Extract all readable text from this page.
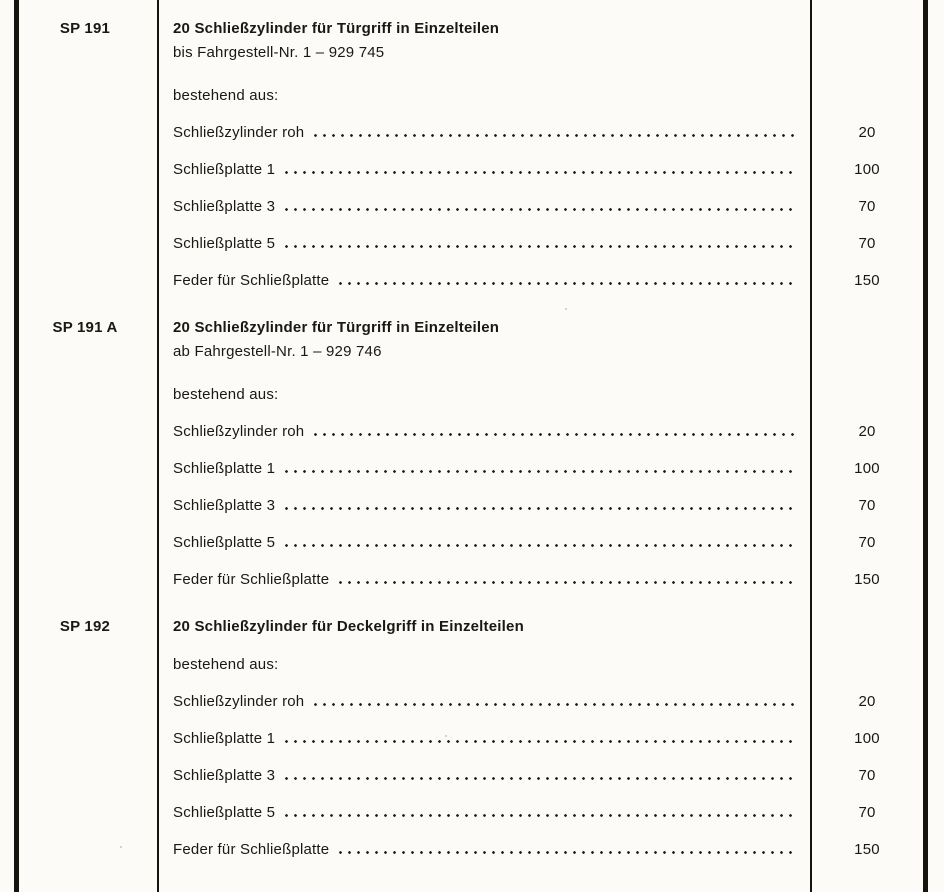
SP 191	20 Schließzylinder für Türgriff in Einzelteilen
bis Fahrgestell-Nr. 1 – 929 745
bestehend aus:
Schließzylinder roh	20
Schließplatte 1	100
Schließplatte 3	70
Schließplatte 5	70
Feder für Schließplatte	150
SP 191 A	20 Schließzylinder für Türgriff in Einzelteilen
ab Fahrgestell-Nr. 1 – 929 746
bestehend aus:
Schließzylinder roh	20
Schließplatte 1	100
Schließplatte 3	70
Schließplatte 5	70
Feder für Schließplatte	150
SP 192	20 Schließzylinder für Deckelgriff in Einzelteilen
bestehend aus:
Schließzylinder roh	20
Schließplatte 1	100
Schließplatte 3	70
Schließplatte 5	70
Feder für Schließplatte	150
